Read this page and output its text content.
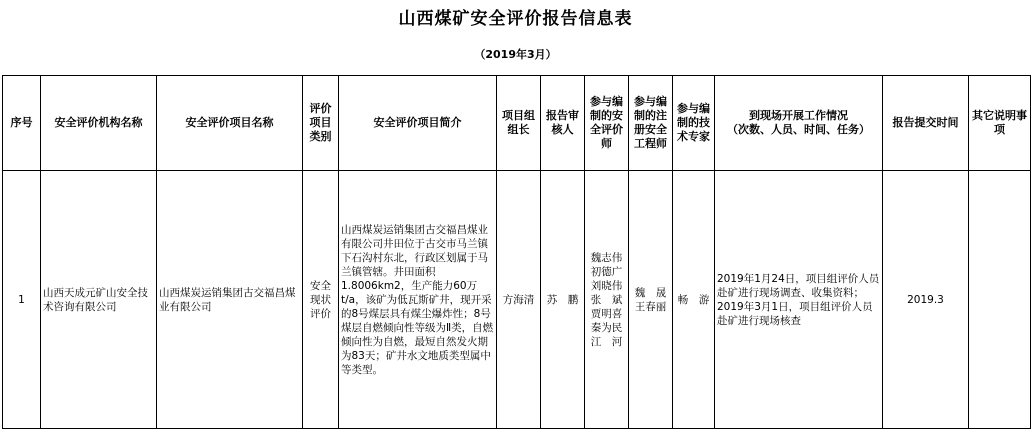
山西煤矿安全评价报告信息表
（2019年3月）
序号	安全评价机构名称	安全评价项目名称	评价项目类别	安全评价项目简介	项目组组长	报告审核人	参与编制的安全评价师	参与编制的注册安全工程师	参与编制的技术专家	到现场开展工作情况
（次数、人员、时间、任务）	报告提交时间	其它说明事项
1	山西天成元矿山安全技术咨询有限公司	山西煤炭运销集团古交福昌煤业有限公司	安全现状评价	山西煤炭运销集团古交福昌煤业有限公司井田位于古交市马兰镇下石沟村东北，行政区划属于马兰镇管辖。井田面积1.8006km2，生产能力60万t/a，该矿为低瓦斯矿井，现开采的8号煤层具有煤尘爆炸性；8号煤层自燃倾向性等级为Ⅱ类，自燃倾向性为自燃，最短自然发火期为83天；矿井水文地质类型属中等类型。	方海清	苏　鹏	魏志伟初德广刘晓伟张　斌贾明喜秦为民江　河	魏　晟王春丽	畅　游	2019年1月24日，项目组评价人员赴矿进行现场调查、收集资料；2019年3月1日，项目组评价人员赴矿进行现场核查	2019.3	
